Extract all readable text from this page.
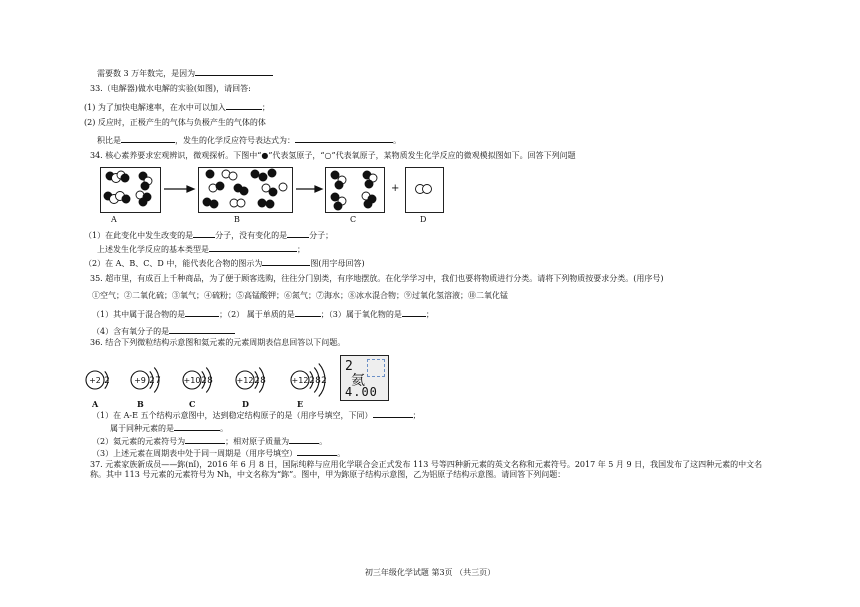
需要数 3 万年数完，是因为
33.（电解器)做水电解的实验(如图)，请回答:
(1) 为了加快电解速率，在水中可以加入	；
(2) 反应时，正极产生的气体与负极产生的气体的体
积比是	，发生的化学反应符号表达式为：	。
34. 核心素养要求宏观辨识，微观探析。下图中“●”代表氢原子，“○”代表氧原子，某物质发生化学反应的微观模拟图如下。回答下列问题
A	B	C	D
+
（1）在此变化中发生改变的是	分子，没有变化的是	分子；
上述发生化学反应的基本类型是	；
（2）在 A、B、C、D 中，能代表化合物的图示为	图(用字母回答)
35. 超市里，有成百上千种商品，为了便于顾客选购，往往分门别类，有序地摆放。在化学学习中，我们也要将物质进行分类。请将下列物质按要求分类。(用序号)
①空气；②二氧化硫；③氧气；④硫粉；⑤高锰酸钾；⑥氮气；⑦海水；⑧冰水混合物；⑨过氧化氢溶液；⑩二氧化锰
（1）其中属于混合物的是	；（2） 属于单质的是	；（3）属于氧化物的是	；
（4）含有氧分子的是
36. 结合下列微粒结构示意图和氦元素的元素周期表信息回答以下问题。
+2 2	+9 2 7	+10 2 8	+12 2 8	+12 2 8 2
A	B	C	D	E
2
氦
4.00
（1）在 A-E 五个结构示意图中，达到稳定结构原子的是（用序号填空，下同）	；
属于同种元素的是	。
（2）氦元素的元素符号为	；相对原子质量为	。
（3）上述元素在周期表中处于同一周期是（用序号填空）	。
37. 元素家族新成员——鉨(nǐ)，2016 年 6 月 8 日，国际纯粹与应用化学联合会正式发布 113 号等四种新元素的英文名称和元素符号。2017 年 5 月 9 日，我国发布了这四种元素的中文名
称。其中 113 号元素的元素符号为 Nh，中文名称为“鉨”。图中，甲为鉨原子结构示意图，乙为铝原子结构示意图。请回答下列问题：
初三年级化学试题 第3页 （共三页）
